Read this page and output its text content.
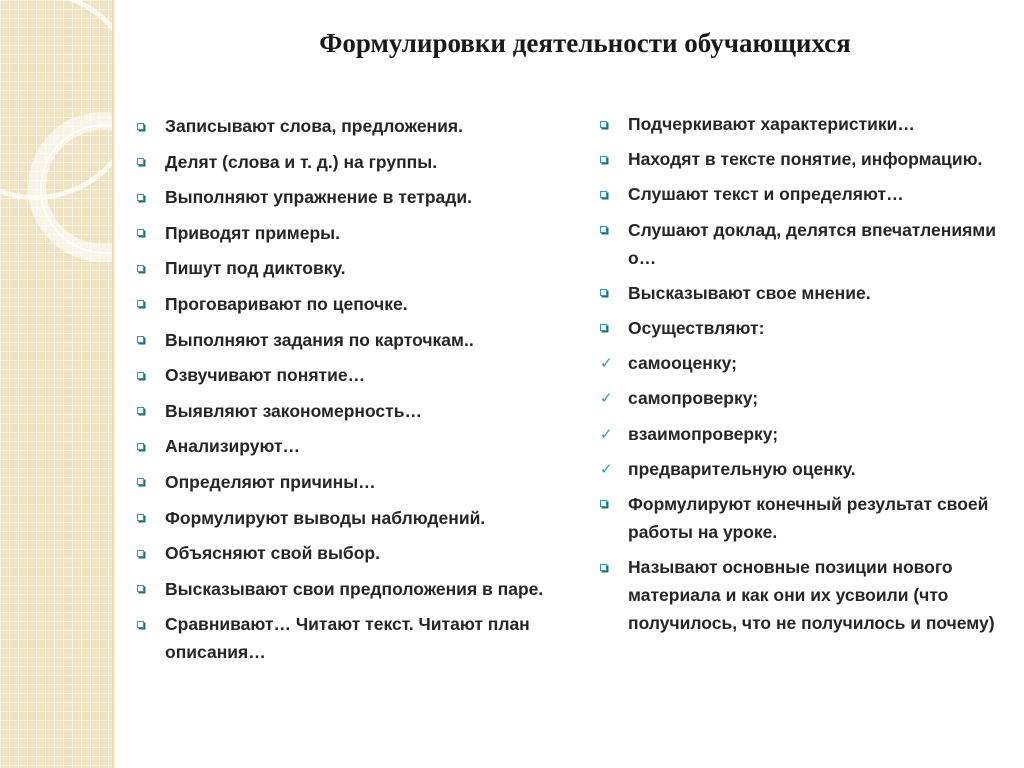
Формулировки деятельности обучающихся
Записывают слова, предложения.
Делят (слова и т. д.) на группы.
Выполняют упражнение в тетради.
Приводят примеры.
Пишут под диктовку.
Проговаривают по цепочке.
Выполняют задания по карточкам..
Озвучивают понятие…
Выявляют закономерность…
Анализируют…
Определяют причины…
Формулируют выводы наблюдений.
Объясняют свой выбор.
Высказывают свои предположения в паре.
Сравнивают… Читают текст. Читают план описания…
Подчеркивают характеристики…
Находят в тексте понятие, информацию.
Слушают текст и определяют…
Слушают доклад, делятся впечатлениями о…
Высказывают свое мнение.
Осуществляют:
✓ самооценку;
✓ самопроверку;
✓ взаимопроверку;
✓ предварительную оценку.
Формулируют конечный результат своей работы на уроке.
Называют основные позиции нового материала и как они их усвоили (что получилось, что не получилось и почему)
